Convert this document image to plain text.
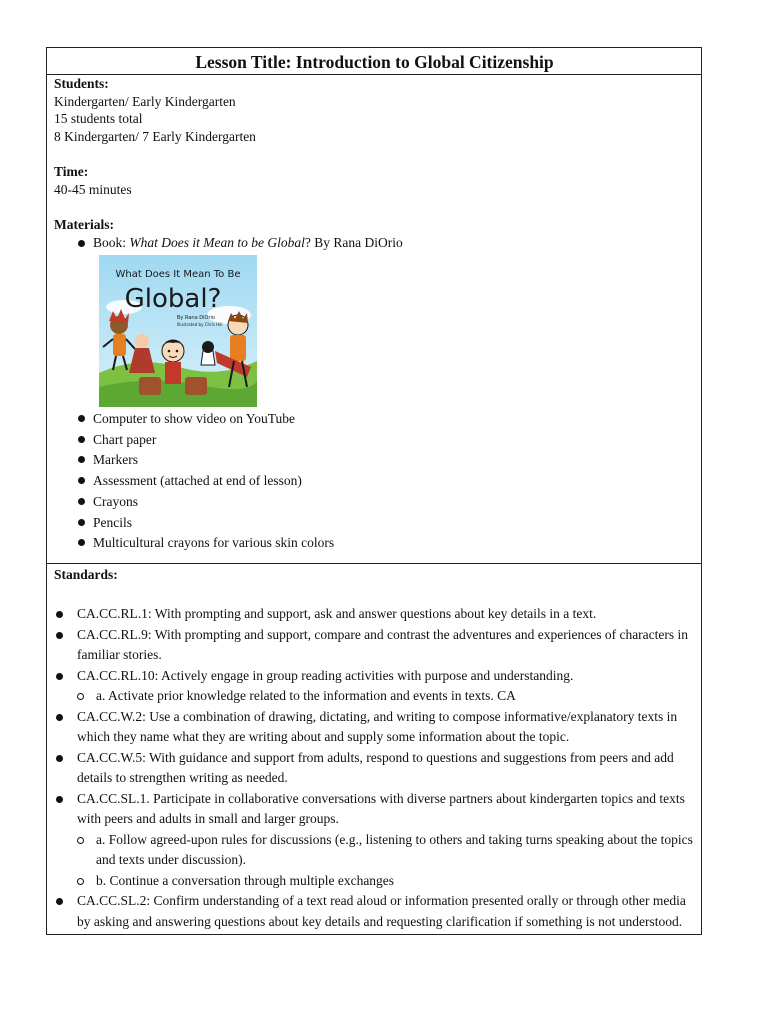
Lesson Title: Introduction to Global Citizenship

Students:
Kindergarten/ Early Kindergarten
15 students total
8 Kindergarten/ 7 Early Kindergarten
Time:
40-45 minutes
Materials:
Book: What Does it Mean to be Global? By Rana DiOrio
What Does It Mean To Be
Global?
By Rana DiOrio
Illustrated by Chris Hill
Computer to show video on YouTube
Chart paper
Markers
Assessment (attached at end of lesson)
Crayons
Pencils
Multicultural crayons for various skin colors

Standards:
CA.CC.RL.1: With prompting and support, ask and answer questions about key details in a text.
CA.CC.RL.9: With prompting and support, compare and contrast the adventures and experiences of characters in familiar stories.
CA.CC.RL.10: Actively engage in group reading activities with purpose and understanding.
a. Activate prior knowledge related to the information and events in texts. CA
CA.CC.W.2: Use a combination of drawing, dictating, and writing to compose informative/explanatory texts in which they name what they are writing about and supply some information about the topic.
CA.CC.W.5: With guidance and support from adults, respond to questions and suggestions from peers and add details to strengthen writing as needed.
CA.CC.SL.1. Participate in collaborative conversations with diverse partners about kindergarten topics and texts with peers and adults in small and larger groups.
a. Follow agreed-upon rules for discussions (e.g., listening to others and taking turns speaking about the topics and texts under discussion).
b. Continue a conversation through multiple exchanges
CA.CC.SL.2: Confirm understanding of a text read aloud or information presented orally or through other media by asking and answering questions about key details and requesting clarification if something is not understood.
